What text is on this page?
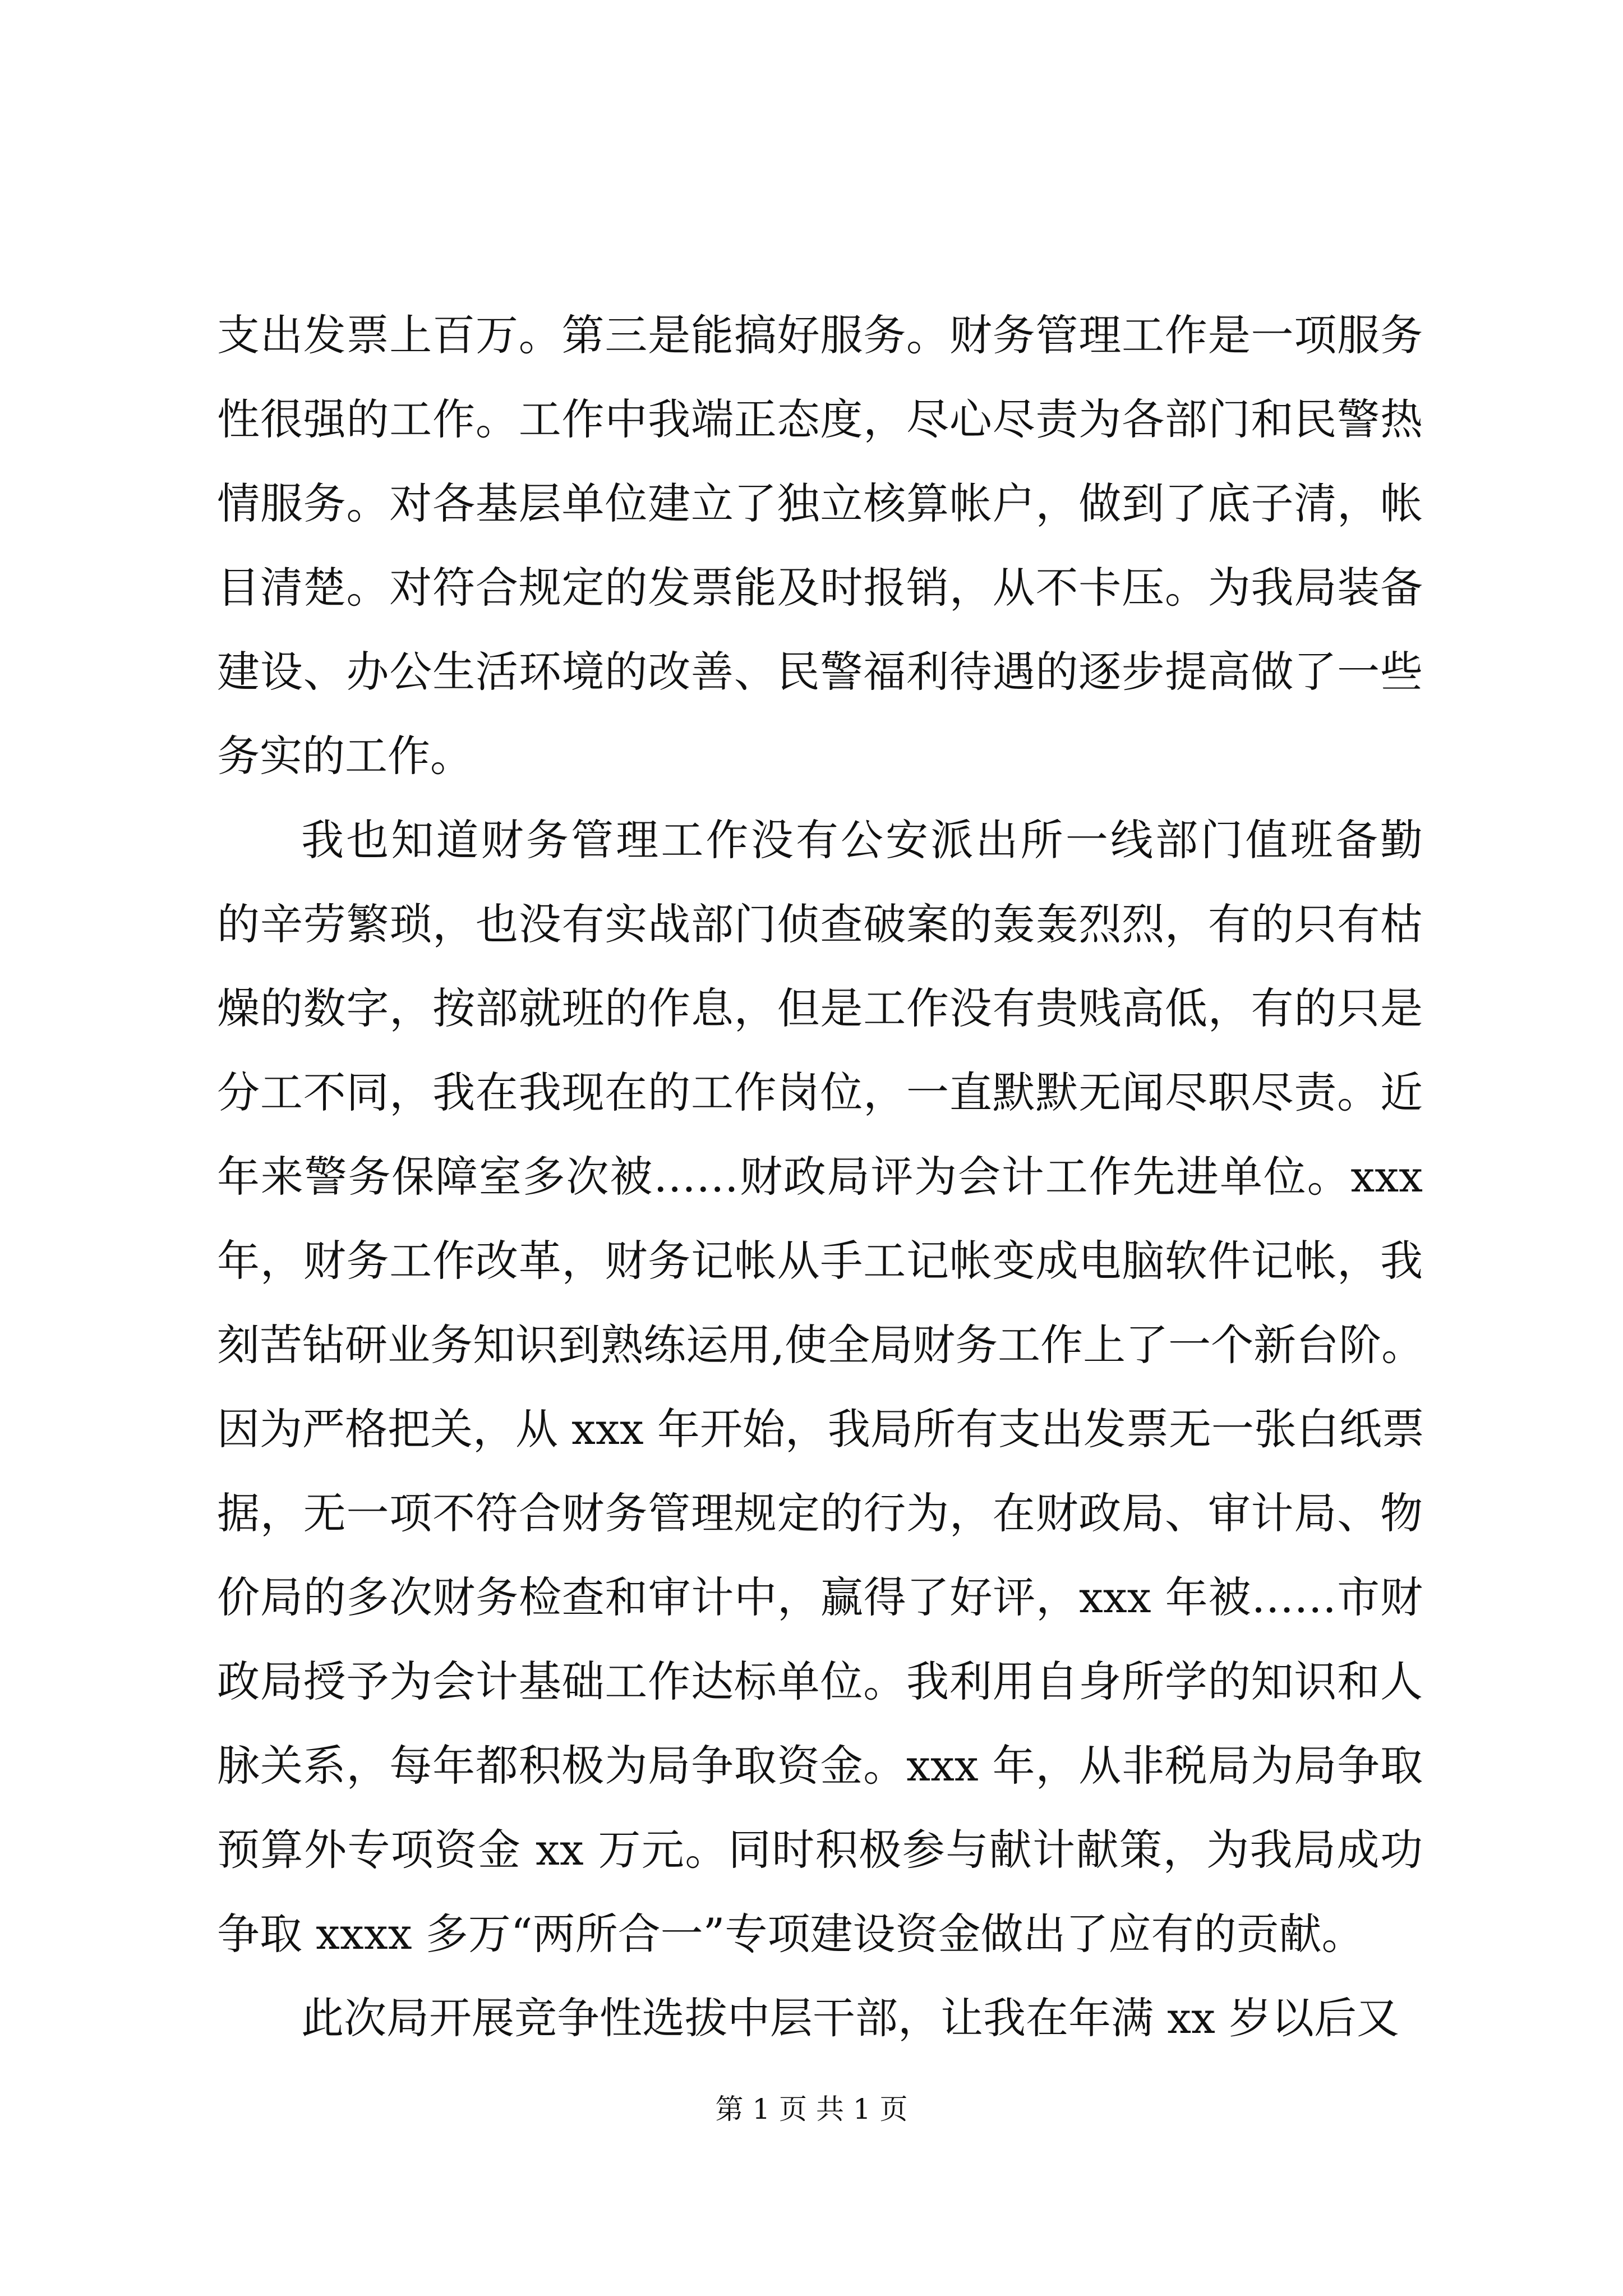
支出发票上百万。第三是能搞好服务。财务管理工作是一项服务
性很强的工作。工作中我端正态度，尽心尽责为各部门和民警热
情服务。对各基层单位建立了独立核算帐户，做到了底子清，帐
目清楚。对符合规定的发票能及时报销，从不卡压。为我局装备
建设、办公生活环境的改善、民警福利待遇的逐步提高做了一些
务实的工作。
我也知道财务管理工作没有公安派出所一线部门值班备勤
的辛劳繁琐，也没有实战部门侦查破案的轰轰烈烈，有的只有枯
燥的数字，按部就班的作息，但是工作没有贵贱高低，有的只是
分工不同，我在我现在的工作岗位，一直默默无闻尽职尽责。近
年来警务保障室多次被……财政局评为会计工作先进单位。xxx
年，财务工作改革，财务记帐从手工记帐变成电脑软件记帐，我
刻苦钻研业务知识到熟练运用,使全局财务工作上了一个新台阶。
因为严格把关，从 xxx 年开始，我局所有支出发票无一张白纸票
据，无一项不符合财务管理规定的行为，在财政局、审计局、物
价局的多次财务检查和审计中，赢得了好评，xxx 年被……市财
政局授予为会计基础工作达标单位。我利用自身所学的知识和人
脉关系，每年都积极为局争取资金。xxx 年，从非税局为局争取
预算外专项资金 xx 万元。同时积极参与献计献策，为我局成功
争取 xxxx 多万“两所合一”专项建设资金做出了应有的贡献。
此次局开展竞争性选拔中层干部，让我在年满 xx 岁以后又
第 1 页 共 1 页
